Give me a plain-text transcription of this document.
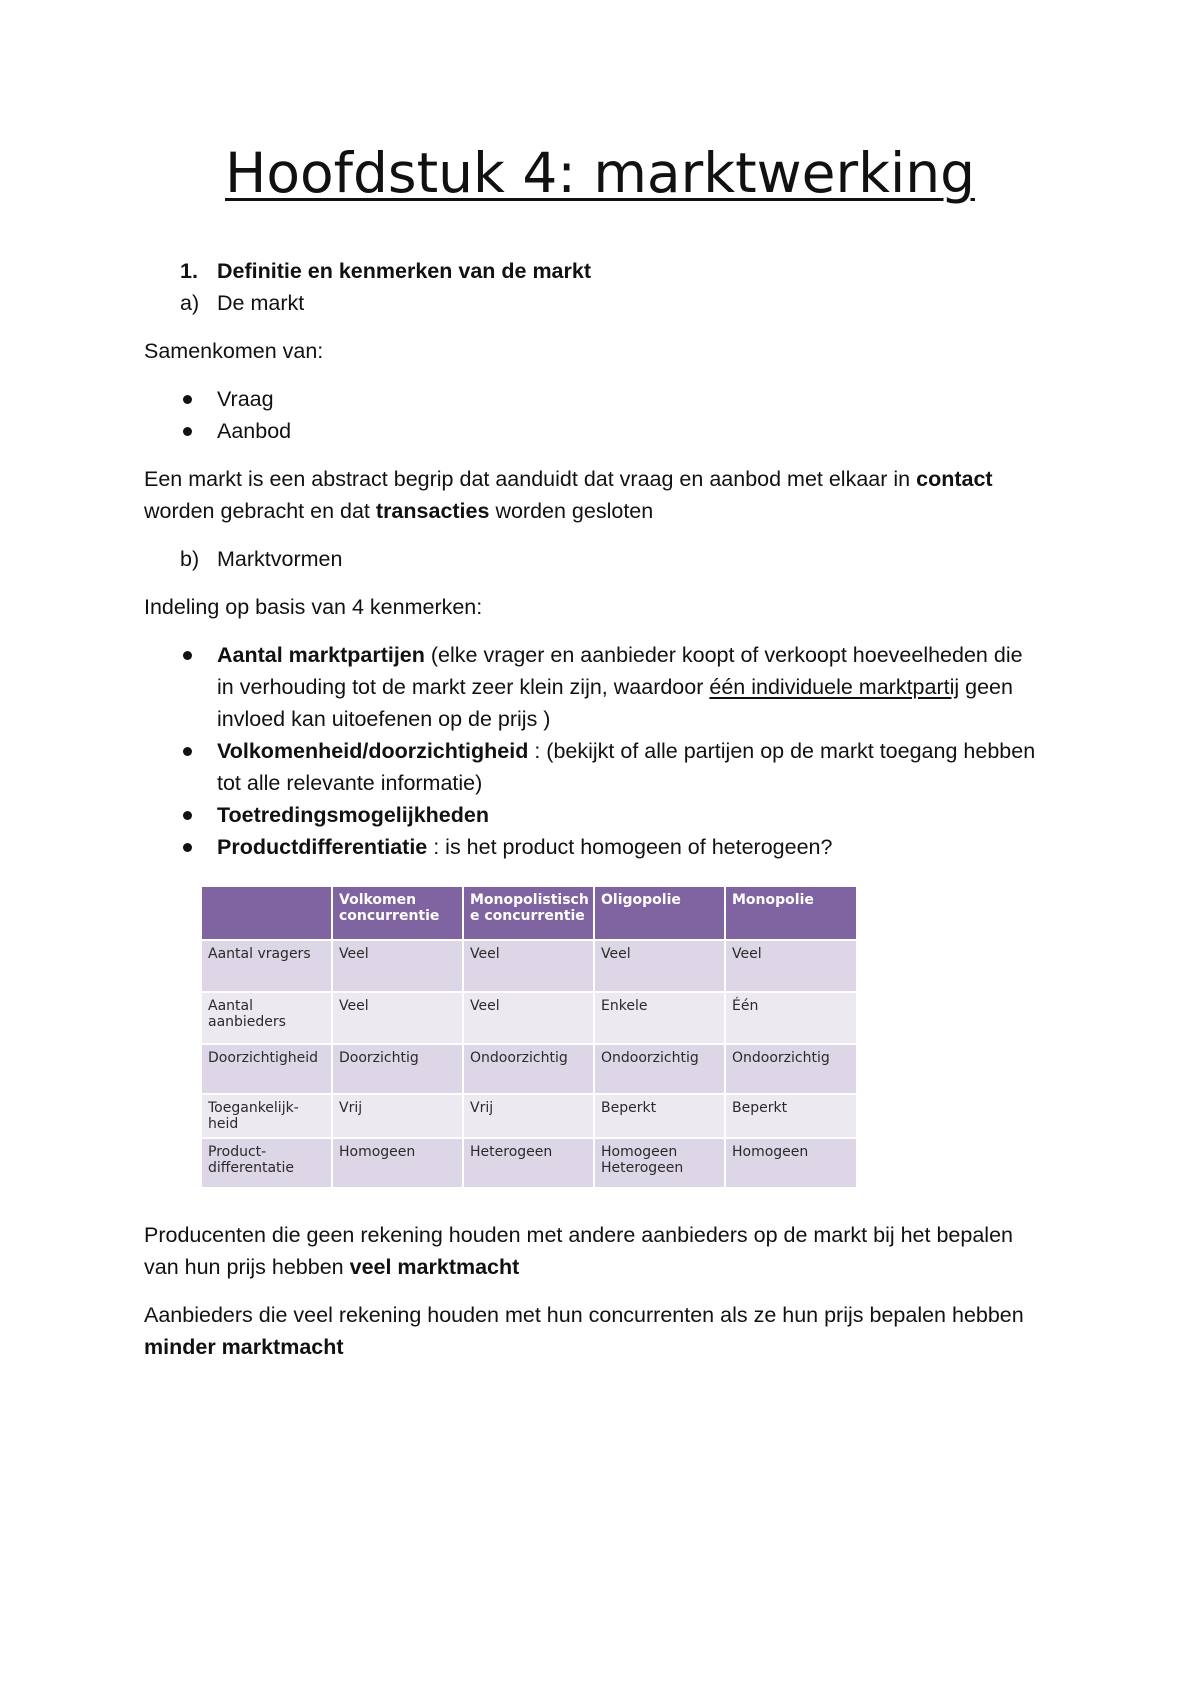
Hoofdstuk 4: marktwerking
1. Definitie en kenmerken van de markt
a) De markt
Samenkomen van:
Vraag
Aanbod
Een markt is een abstract begrip dat aanduidt dat vraag en aanbod met elkaar in contact
worden gebracht en dat transacties worden gesloten
b) Marktvormen
Indeling op basis van 4 kenmerken:
Aantal marktpartijen (elke vrager en aanbieder koopt of verkoopt hoeveelheden die
in verhouding tot de markt zeer klein zijn, waardoor één individuele marktpartij geen
invloed kan uitoefenen op de prijs )
Volkomenheid/doorzichtigheid : (bekijkt of alle partijen op de markt toegang hebben
tot alle relevante informatie)
Toetredingsmogelijkheden
Productdifferentiatie : is het product homogeen of heterogeen?
	Volkomen concurrentie	Monopolistisch e concurrentie	Oligopolie	Monopolie
Aantal vragers	Veel	Veel	Veel	Veel
Aantal aanbieders	Veel	Veel	Enkele	Één
Doorzichtigheid	Doorzichtig	Ondoorzichtig	Ondoorzichtig	Ondoorzichtig
Toegankelijk-heid	Vrij	Vrij	Beperkt	Beperkt
Product-differentatie	Homogeen	Heterogeen	Homogeen Heterogeen	Homogeen
Producenten die geen rekening houden met andere aanbieders op de markt bij het bepalen
van hun prijs hebben veel marktmacht
Aanbieders die veel rekening houden met hun concurrenten als ze hun prijs bepalen hebben
minder marktmacht
